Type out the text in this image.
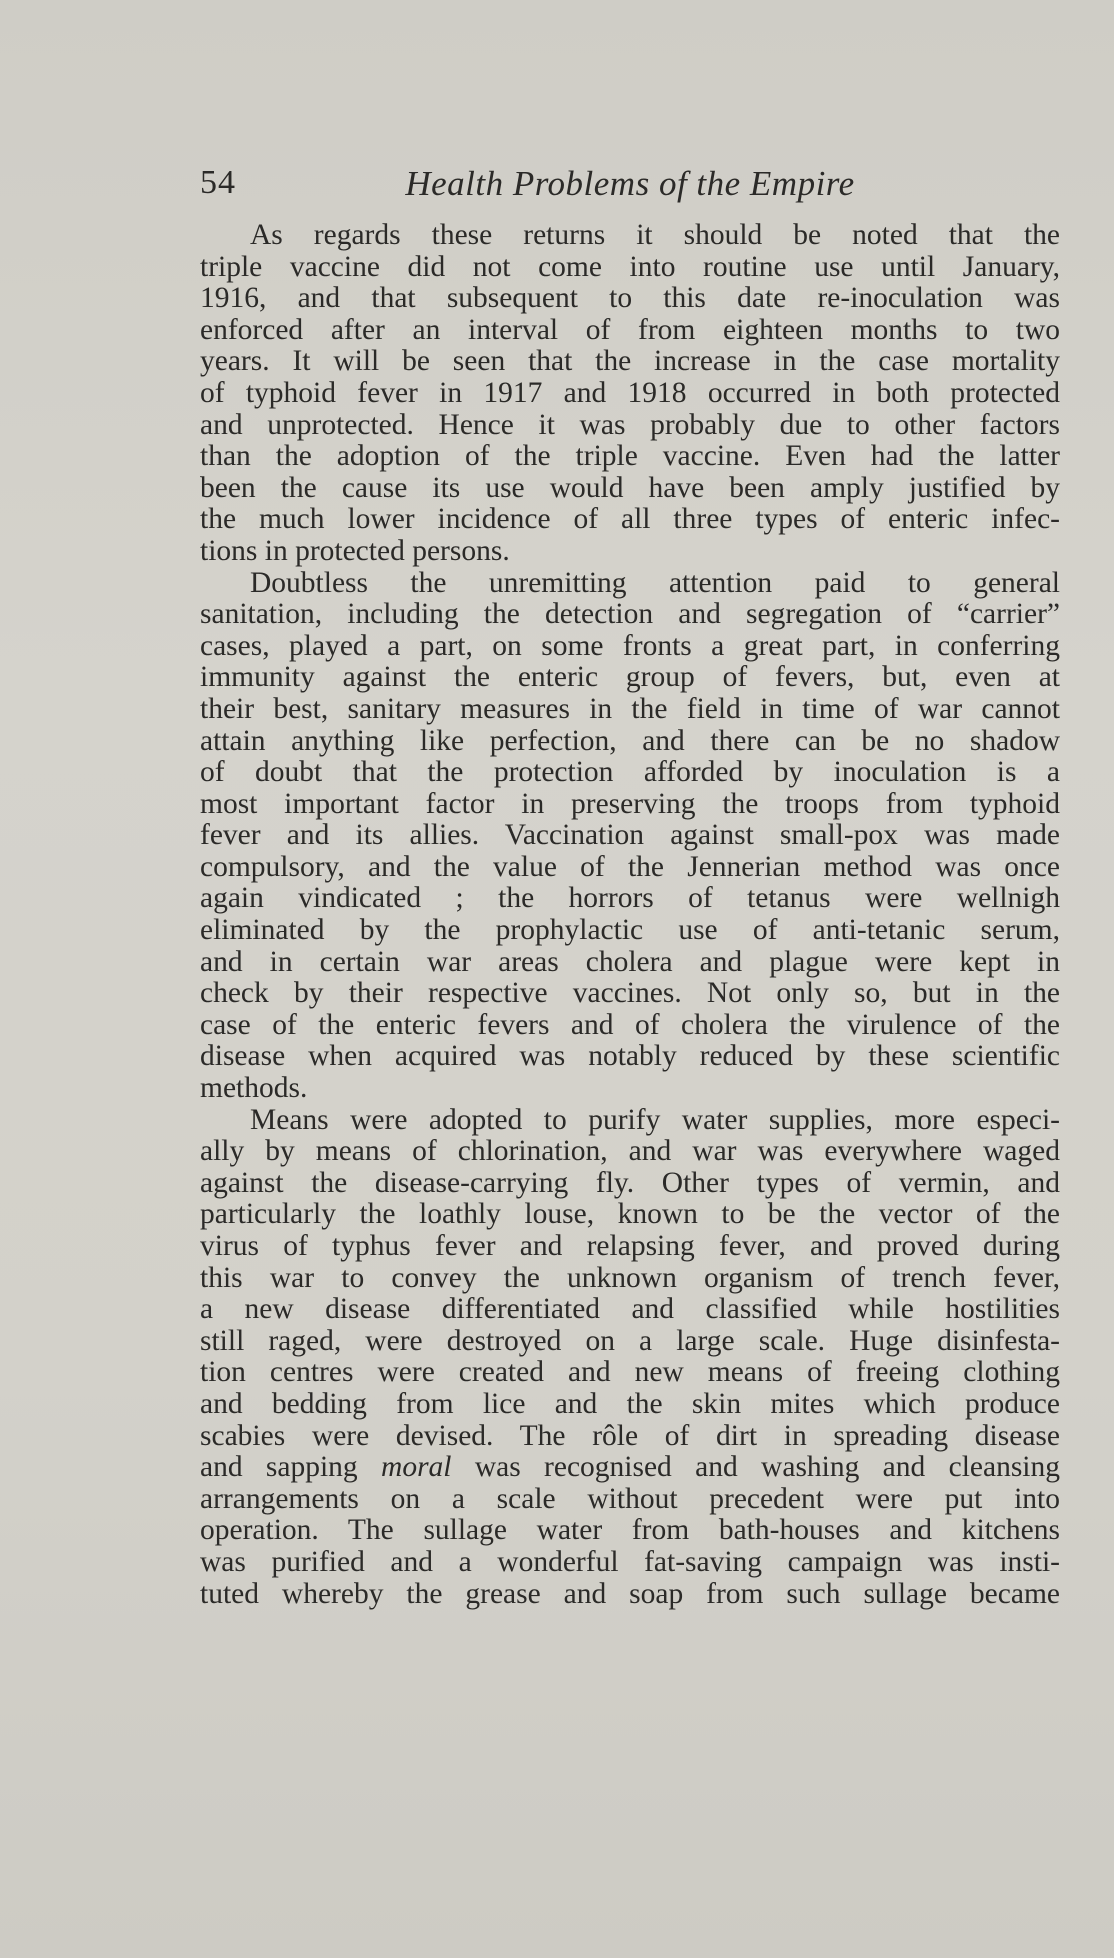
54	Health Problems of the Empire
As regards these returns it should be noted that the
triple vaccine did not come into routine use until January,
1916, and that subsequent to this date re-inoculation was
enforced after an interval of from eighteen months to two
years. It will be seen that the increase in the case mortality
of typhoid fever in 1917 and 1918 occurred in both protected
and unprotected. Hence it was probably due to other factors
than the adoption of the triple vaccine. Even had the latter
been the cause its use would have been amply justified by
the much lower incidence of all three types of enteric infec-
tions in protected persons.
Doubtless the unremitting attention paid to general
sanitation, including the detection and segregation of “carrier”
cases, played a part, on some fronts a great part, in conferring
immunity against the enteric group of fevers, but, even at
their best, sanitary measures in the field in time of war cannot
attain anything like perfection, and there can be no shadow
of doubt that the protection afforded by inoculation is a
most important factor in preserving the troops from typhoid
fever and its allies. Vaccination against small-pox was made
compulsory, and the value of the Jennerian method was once
again vindicated ; the horrors of tetanus were wellnigh
eliminated by the prophylactic use of anti-tetanic serum,
and in certain war areas cholera and plague were kept in
check by their respective vaccines. Not only so, but in the
case of the enteric fevers and of cholera the virulence of the
disease when acquired was notably reduced by these scientific
methods.
Means were adopted to purify water supplies, more especi-
ally by means of chlorination, and war was everywhere waged
against the disease-carrying fly. Other types of vermin, and
particularly the loathly louse, known to be the vector of the
virus of typhus fever and relapsing fever, and proved during
this war to convey the unknown organism of trench fever,
a new disease differentiated and classified while hostilities
still raged, were destroyed on a large scale. Huge disinfesta-
tion centres were created and new means of freeing clothing
and bedding from lice and the skin mites which produce
scabies were devised. The rôle of dirt in spreading disease
and sapping moral was recognised and washing and cleansing
arrangements on a scale without precedent were put into
operation. The sullage water from bath-houses and kitchens
was purified and a wonderful fat-saving campaign was insti-
tuted whereby the grease and soap from such sullage became
